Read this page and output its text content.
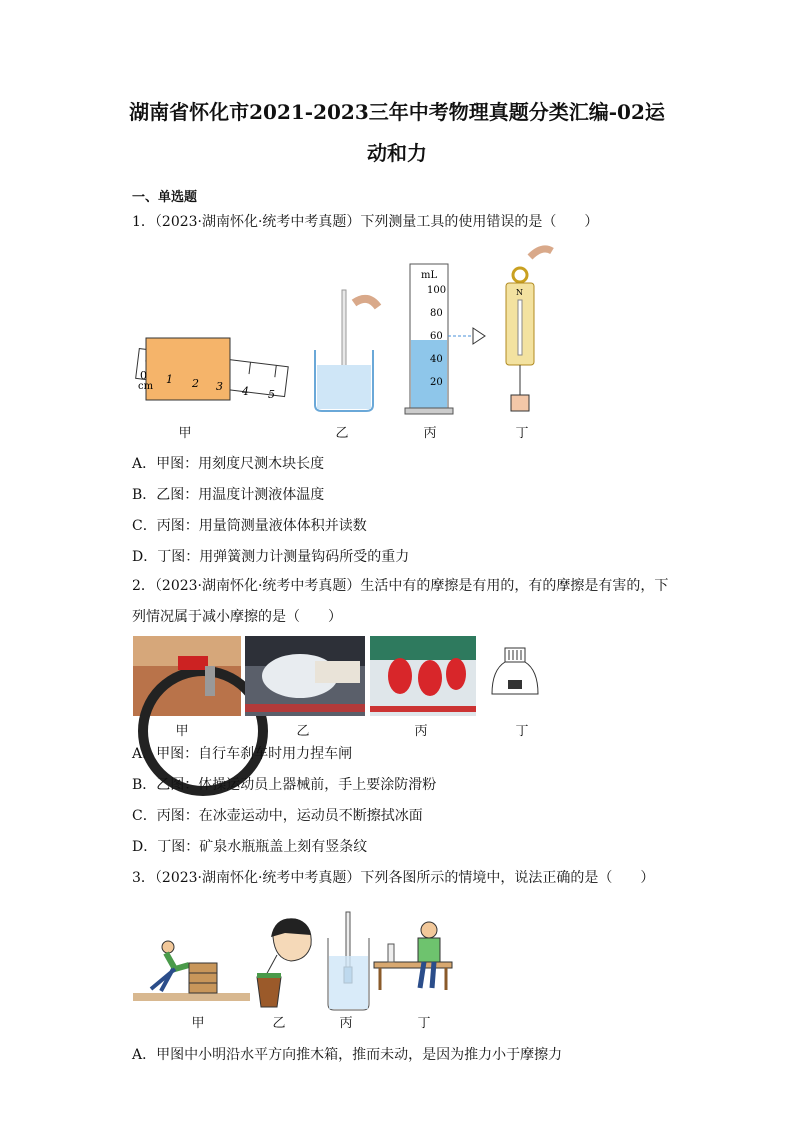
湖南省怀化市2021-2023三年中考物理真题分类汇编-02运
动和力
一、单选题
1．（2023·湖南怀化·统考中考真题）下列测量工具的使用错误的是（　　）
0
cm
1 2 3 4 5
mL
100
80
60
40
20
N
甲	乙	丙	丁
A．甲图：用刻度尺测木块长度
B．乙图：用温度计测液体温度
C．丙图：用量筒测量液体体积并读数
D．丁图：用弹簧测力计测量钩码所受的重力
2．（2023·湖南怀化·统考中考真题）生活中有的摩擦是有用的，有的摩擦是有害的，下
列情况属于减小摩擦的是（　　）
甲	乙	丙	丁
A．甲图：自行车刹车时用力捏车闸
B．乙图：体操运动员上器械前，手上要涂防滑粉
C．丙图：在冰壶运动中，运动员不断擦拭冰面
D．丁图：矿泉水瓶瓶盖上刻有竖条纹
3．（2023·湖南怀化·统考中考真题）下列各图所示的情境中，说法正确的是（　　）
甲	乙	丙	丁
A．甲图中小明沿水平方向推木箱，推而未动，是因为推力小于摩擦力
